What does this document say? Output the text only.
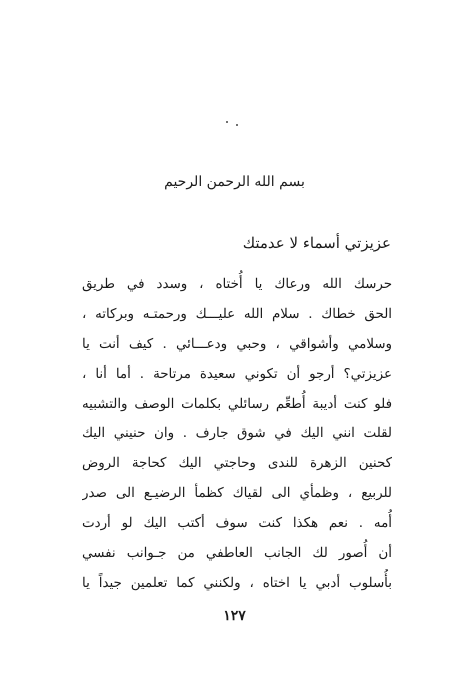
بسم الله الرحمن الرحيم
عزيزتي أسماء لا عدمتك
حرسك الله ورعاك يا أُختاه ، وسدد في طريق
الحق خطاك . سلام الله عليـــك ورحمتـه وبركاته ،
وسلامي وأشواقي ، وحبي ودعـــائي . كيف أنت يا
عزيزتي؟ أرجو أن تكوني سعيدة مرتاحة . أما أنا ،
فلو كنت أديبة أُطعِّم رسائلي بكلمات الوصف والتشبيه
لقلت انني اليك في شوق جارف . وان حنيني اليك
كحنين الزهرة للندى وحاجتي اليك كحاجة الروض
للربيع ، وظمأي الى لقياك كظمأ الرضيـع الى صدر
أُمه . نعم هكذا كنت سوف أكتب اليك لو أردت
أن أُصور لك الجانب العاطفي من جـوانب نفسي
بأُسلوب أدبي يا اختاه ، ولكنني كما تعلمين جيداً يا
١٢٧
